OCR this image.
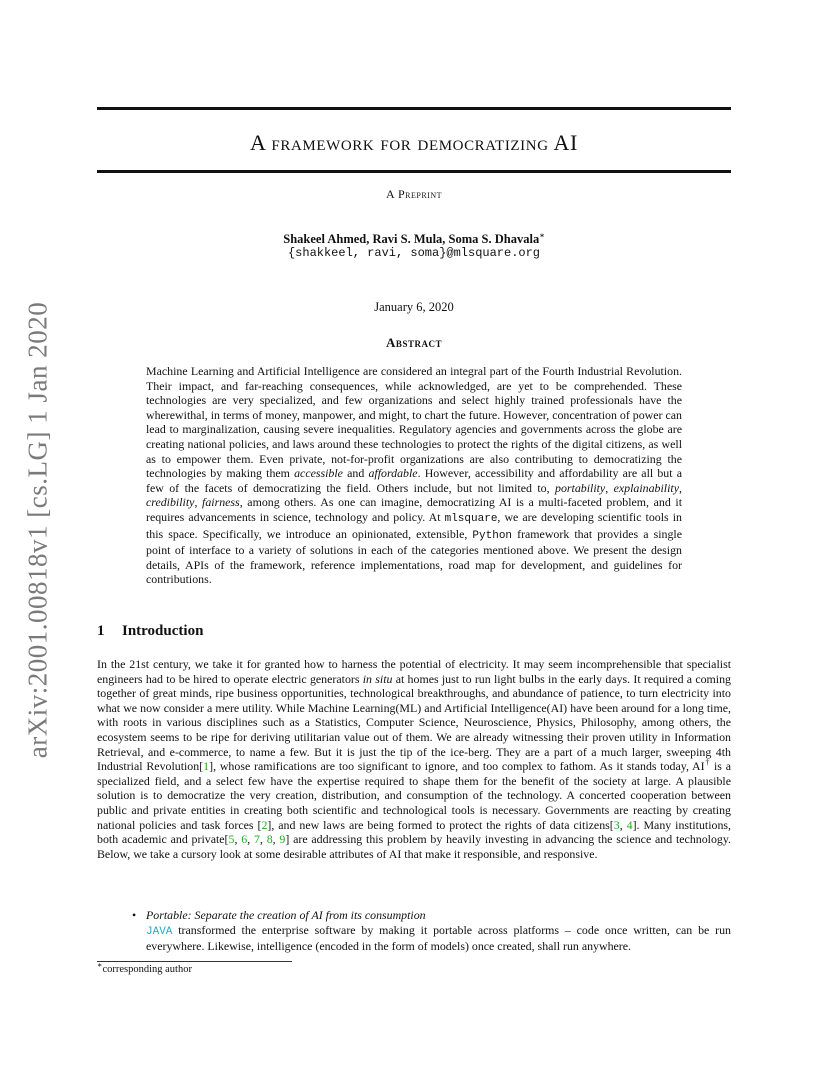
arXiv:2001.00818v1 [cs.LG] 1 Jan 2020
A framework for democratizing AI
A Preprint
Shakeel Ahmed, Ravi S. Mula, Soma S. Dhavala∗
{shakkeel, ravi, soma}@mlsquare.org
January 6, 2020
Abstract
Machine Learning and Artificial Intelligence are considered an integral part of the Fourth Industrial Revolution. Their impact, and far-reaching consequences, while acknowledged, are yet to be comprehended. These technologies are very specialized, and few organizations and select highly trained professionals have the wherewithal, in terms of money, manpower, and might, to chart the future. However, concentration of power can lead to marginalization, causing severe inequalities. Regulatory agencies and governments across the globe are creating national policies, and laws around these technologies to protect the rights of the digital citizens, as well as to empower them. Even private, not-for-profit organizations are also contributing to democratizing the technologies by making them accessible and affordable. However, accessibility and affordability are all but a few of the facets of democratizing the field. Others include, but not limited to, portability, explainability, credibility, fairness, among others. As one can imagine, democratizing AI is a multi-faceted problem, and it requires advancements in science, technology and policy. At mlsquare, we are developing scientific tools in this space. Specifically, we introduce an opinionated, extensible, Python framework that provides a single point of interface to a variety of solutions in each of the categories mentioned above. We present the design details, APIs of the framework, reference implementations, road map for development, and guidelines for contributions.
1 Introduction
In the 21st century, we take it for granted how to harness the potential of electricity. It may seem incomprehensible that specialist engineers had to be hired to operate electric generators in situ at homes just to run light bulbs in the early days. It required a coming together of great minds, ripe business opportunities, technological breakthroughs, and abundance of patience, to turn electricity into what we now consider a mere utility. While Machine Learning(ML) and Artificial Intelligence(AI) have been around for a long time, with roots in various disciplines such as a Statistics, Computer Science, Neuroscience, Physics, Philosophy, among others, the ecosystem seems to be ripe for deriving utilitarian value out of them. We are already witnessing their proven utility in Information Retrieval, and e-commerce, to name a few. But it is just the tip of the ice-berg. They are a part of a much larger, sweeping 4th Industrial Revolution[1], whose ramifications are too significant to ignore, and too complex to fathom. As it stands today, AI† is a specialized field, and a select few have the expertise required to shape them for the benefit of the society at large. A plausible solution is to democratize the very creation, distribution, and consumption of the technology. A concerted cooperation between public and private entities in creating both scientific and technological tools is necessary. Governments are reacting by creating national policies and task forces [2], and new laws are being formed to protect the rights of data citizens[3, 4]. Many institutions, both academic and private[5, 6, 7, 8, 9] are addressing this problem by heavily investing in advancing the science and technology. Below, we take a cursory look at some desirable attributes of AI that make it responsible, and responsive.
• Portable: Separate the creation of AI from its consumption
JAVA transformed the enterprise software by making it portable across platforms – code once written, can be run everywhere. Likewise, intelligence (encoded in the form of models) once created, shall run anywhere.
∗corresponding author
